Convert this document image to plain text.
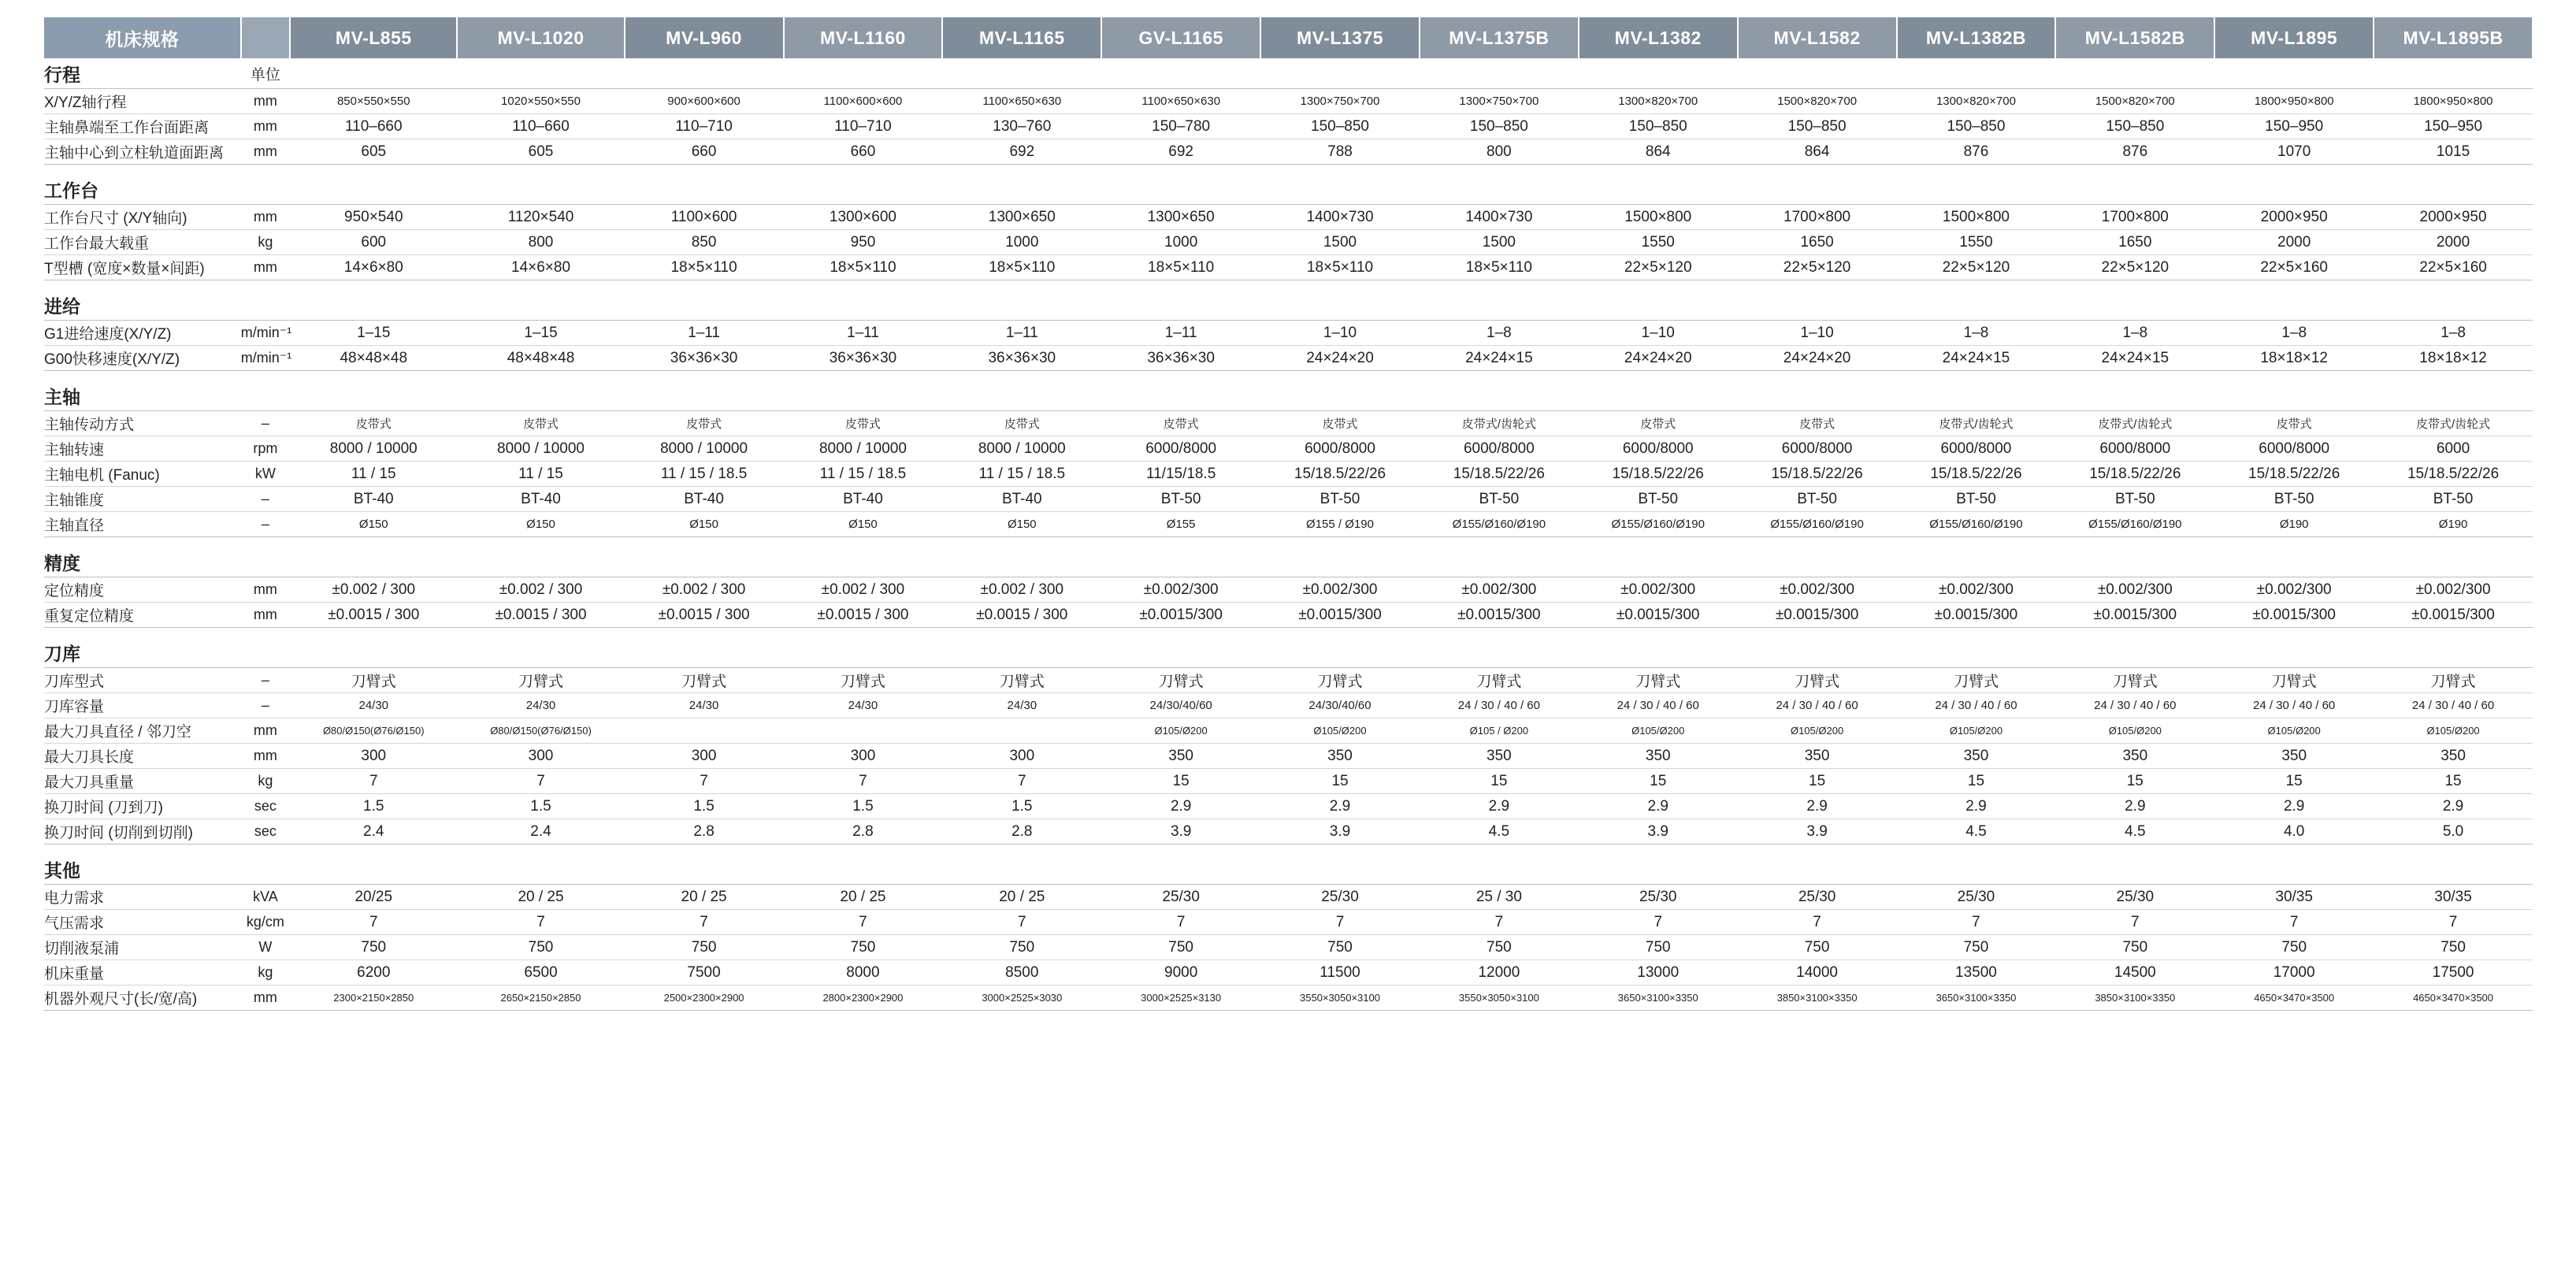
机床规格		MV-L855	MV-L1020	MV-L960	MV-L1160	MV-L1165	GV-L1165	MV-L1375	MV-L1375B	MV-L1382	MV-L1582	MV-L1382B	MV-L1582B	MV-L1895	MV-L1895B
行程	单位														
X/Y/Z轴行程	mm	850×550×550	1020×550×550	900×600×600	1100×600×600	1100×650×630	1100×650×630	1300×750×700	1300×750×700	1300×820×700	1500×820×700	1300×820×700	1500×820×700	1800×950×800	1800×950×800
主轴鼻端至工作台面距离	mm	110–660	110–660	110–710	110–710	130–760	150–780	150–850	150–850	150–850	150–850	150–850	150–850	150–950	150–950
主轴中心到立柱轨道面距离	mm	605	605	660	660	692	692	788	800	864	864	876	876	1070	1015

工作台															
工作台尺寸 (X/Y轴向)	mm	950×540	1120×540	1100×600	1300×600	1300×650	1300×650	1400×730	1400×730	1500×800	1700×800	1500×800	1700×800	2000×950	2000×950
工作台最大载重	kg	600	800	850	950	1000	1000	1500	1500	1550	1650	1550	1650	2000	2000
T型槽 (宽度×数量×间距)	mm	14×6×80	14×6×80	18×5×110	18×5×110	18×5×110	18×5×110	18×5×110	18×5×110	22×5×120	22×5×120	22×5×120	22×5×120	22×5×160	22×5×160

进给															
G1进给速度(X/Y/Z)	m/min⁻¹	1–15	1–15	1–11	1–11	1–11	1–11	1–10	1–8	1–10	1–10	1–8	1–8	1–8	1–8
G00快移速度(X/Y/Z)	m/min⁻¹	48×48×48	48×48×48	36×36×30	36×36×30	36×36×30	36×36×30	24×24×20	24×24×15	24×24×20	24×24×20	24×24×15	24×24×15	18×18×12	18×18×12

主轴															
主轴传动方式	–	皮带式	皮带式	皮带式	皮带式	皮带式	皮带式	皮带式	皮带式/齿轮式	皮带式	皮带式	皮带式/齿轮式	皮带式/齿轮式	皮带式	皮带式/齿轮式
主轴转速	rpm	8000 / 10000	8000 / 10000	8000 / 10000	8000 / 10000	8000 / 10000	6000/8000	6000/8000	6000/8000	6000/8000	6000/8000	6000/8000	6000/8000	6000/8000	6000
主轴电机 (Fanuc)	kW	11 / 15	11 / 15	11 / 15 / 18.5	11 / 15 / 18.5	11 / 15 / 18.5	11/15/18.5	15/18.5/22/26	15/18.5/22/26	15/18.5/22/26	15/18.5/22/26	15/18.5/22/26	15/18.5/22/26	15/18.5/22/26	15/18.5/22/26
主轴锥度	–	BT-40	BT-40	BT-40	BT-40	BT-40	BT-50	BT-50	BT-50	BT-50	BT-50	BT-50	BT-50	BT-50	BT-50
主轴直径	–	Ø150	Ø150	Ø150	Ø150	Ø150	Ø155	Ø155 / Ø190	Ø155/Ø160/Ø190	Ø155/Ø160/Ø190	Ø155/Ø160/Ø190	Ø155/Ø160/Ø190	Ø155/Ø160/Ø190	Ø190	Ø190

精度															
定位精度	mm	±0.002 / 300	±0.002 / 300	±0.002 / 300	±0.002 / 300	±0.002 / 300	±0.002/300	±0.002/300	±0.002/300	±0.002/300	±0.002/300	±0.002/300	±0.002/300	±0.002/300	±0.002/300
重复定位精度	mm	±0.0015 / 300	±0.0015 / 300	±0.0015 / 300	±0.0015 / 300	±0.0015 / 300	±0.0015/300	±0.0015/300	±0.0015/300	±0.0015/300	±0.0015/300	±0.0015/300	±0.0015/300	±0.0015/300	±0.0015/300

刀库															
刀库型式	–	刀臂式	刀臂式	刀臂式	刀臂式	刀臂式	刀臂式	刀臂式	刀臂式	刀臂式	刀臂式	刀臂式	刀臂式	刀臂式	刀臂式
刀库容量	–	24/30	24/30	24/30	24/30	24/30	24/30/40/60	24/30/40/60	24 / 30 / 40 / 60	24 / 30 / 40 / 60	24 / 30 / 40 / 60	24 / 30 / 40 / 60	24 / 30 / 40 / 60	24 / 30 / 40 / 60	24 / 30 / 40 / 60
最大刀具直径 / 邻刀空	mm	Ø80/Ø150(Ø76/Ø150)	Ø80/Ø150(Ø76/Ø150)				Ø105/Ø200	Ø105/Ø200	Ø105 / Ø200	Ø105/Ø200	Ø105/Ø200	Ø105/Ø200	Ø105/Ø200	Ø105/Ø200	Ø105/Ø200
最大刀具长度	mm	300	300	300	300	300	350	350	350	350	350	350	350	350	350
最大刀具重量	kg	7	7	7	7	7	15	15	15	15	15	15	15	15	15
换刀时间 (刀到刀)	sec	1.5	1.5	1.5	1.5	1.5	2.9	2.9	2.9	2.9	2.9	2.9	2.9	2.9	2.9
换刀时间 (切削到切削)	sec	2.4	2.4	2.8	2.8	2.8	3.9	3.9	4.5	3.9	3.9	4.5	4.5	4.0	5.0

其他															
电力需求	kVA	20/25	20 / 25	20 / 25	20 / 25	20 / 25	25/30	25/30	25 / 30	25/30	25/30	25/30	25/30	30/35	30/35
气压需求	kg/cm	7	7	7	7	7	7	7	7	7	7	7	7	7	7
切削液泵浦	W	750	750	750	750	750	750	750	750	750	750	750	750	750	750
机床重量	kg	6200	6500	7500	8000	8500	9000	11500	12000	13000	14000	13500	14500	17000	17500
机器外观尺寸(长/宽/高)	mm	2300×2150×2850	2650×2150×2850	2500×2300×2900	2800×2300×2900	3000×2525×3030	3000×2525×3130	3550×3050×3100	3550×3050×3100	3650×3100×3350	3850×3100×3350	3650×3100×3350	3850×3100×3350	4650×3470×3500	4650×3470×3500
